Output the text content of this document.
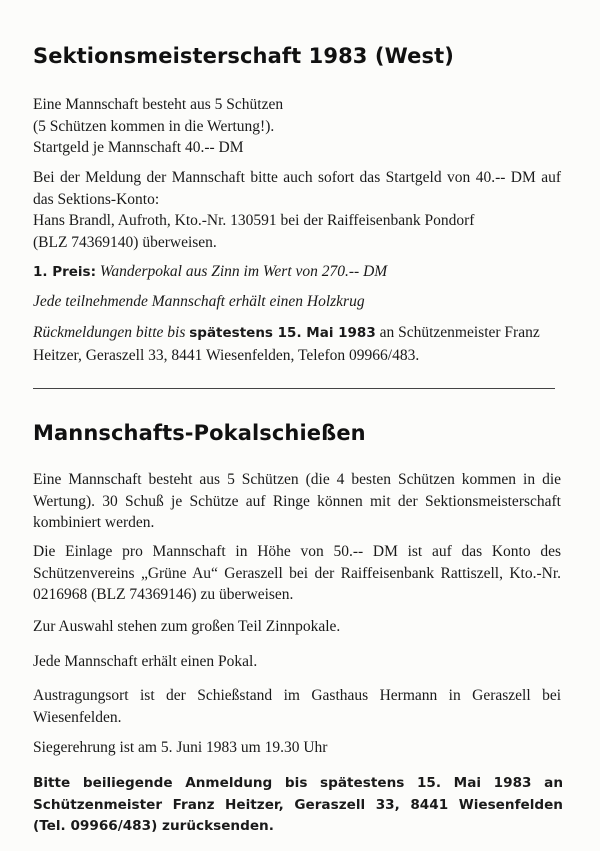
Sektionsmeisterschaft 1983 (West)
Eine Mannschaft besteht aus 5 Schützen
(5 Schützen kommen in die Wertung!).
Startgeld je Mannschaft 40.-- DM
Bei der Meldung der Mannschaft bitte auch sofort das Startgeld von 40.-- DM auf das Sektions-Konto:
Hans Brandl, Aufroth, Kto.-Nr. 130591 bei der Raiffeisenbank Pondorf
(BLZ 74369140) überweisen.
1. Preis: Wanderpokal aus Zinn im Wert von 270.-- DM
Jede teilnehmende Mannschaft erhält einen Holzkrug
Rückmeldungen bitte bis spätestens 15. Mai 1983 an Schützenmeister Franz Heitzer, Geraszell 33, 8441 Wiesenfelden, Telefon 09966/483.
Mannschafts-Pokalschießen
Eine Mannschaft besteht aus 5 Schützen (die 4 besten Schützen kommen in die Wertung). 30 Schuß je Schütze auf Ringe können mit der Sektionsmeisterschaft kombiniert werden.
Die Einlage pro Mannschaft in Höhe von 50.-- DM ist auf das Konto des Schützenvereins „Grüne Au“ Geraszell bei der Raiffeisenbank Rattiszell, Kto.-Nr. 0216968 (BLZ 74369146) zu überweisen.
Zur Auswahl stehen zum großen Teil Zinnpokale.
Jede Mannschaft erhält einen Pokal.
Austragungsort ist der Schießstand im Gasthaus Hermann in Geraszell bei Wiesenfelden.
Siegerehrung ist am 5. Juni 1983 um 19.30 Uhr
Bitte beiliegende Anmeldung bis spätestens 15. Mai 1983 an Schützenmeister Franz Heitzer, Geraszell 33, 8441 Wiesenfelden (Tel. 09966/483) zurücksenden.
